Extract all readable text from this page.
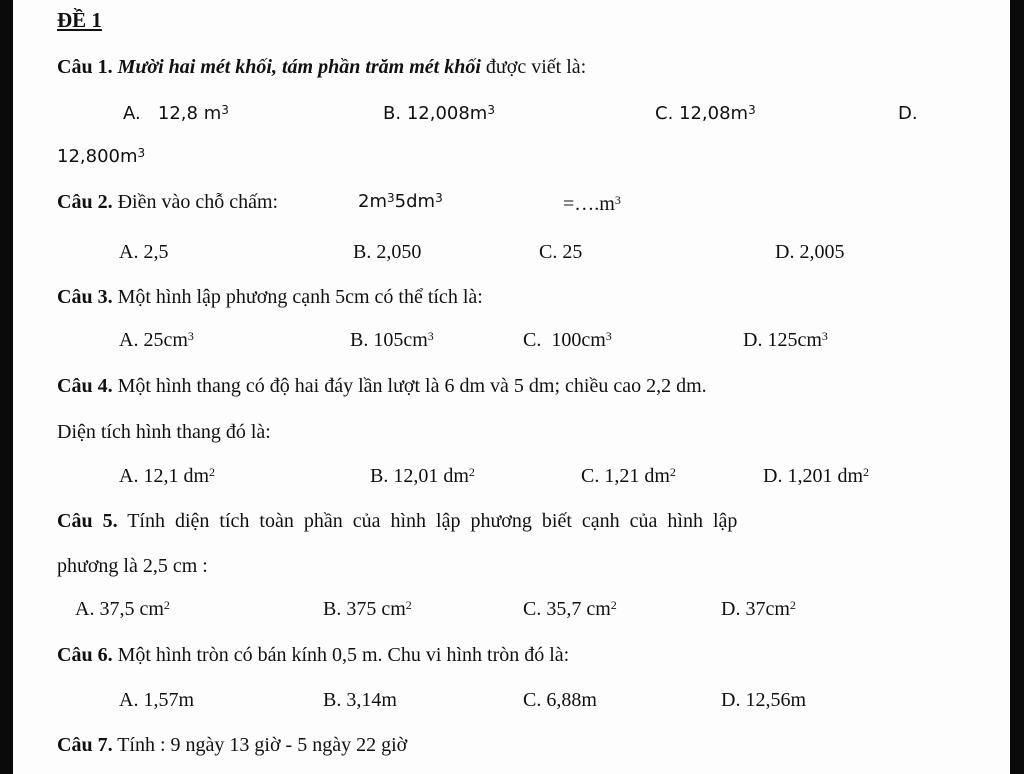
ĐỀ 1
Câu 1. Mười hai mét khối, tám phần trăm mét khối được viết là:
A. 12,8 $m^3$	B. $12,008m^3$	C. $12,08m^3$	D.
$12,800m^3$
Câu 2. Điền vào chỗ chấm:	$2m^35dm^3$	$=\dots.m^3$
A. 2,5	B. 2,050	C. 25	D. 2,005
Câu 3. Một hình lập phương cạnh 5cm có thể tích là:
A. $25cm^3$	B. $105cm^3$	C. $100cm^3$	D. $125cm^3$
Câu 4. Một hình thang có độ hai đáy lần lượt là 6 dm và 5 dm; chiều cao 2,2 dm.
Diện tích hình thang đó là:
A. 12,1 $dm^2$	B. 12,01 $dm^2$	C. 1,21 $dm^2$	D. 1,201 $dm^2$
Câu 5. Tính diện tích toàn phần của hình lập phương biết cạnh của hình lập
phương là 2,5 cm :
A. 37,5 $cm^2$	B. 375 $cm^2$	C. 35,7 $cm^2$	D. $37cm^2$
Câu 6. Một hình tròn có bán kính 0,5 m. Chu vi hình tròn đó là:
A. 1,57m	B. 3,14m	C. 6,88m	D. 12,56m
Câu 7. Tính : 9 ngày 13 giờ - 5 ngày 22 giờ
